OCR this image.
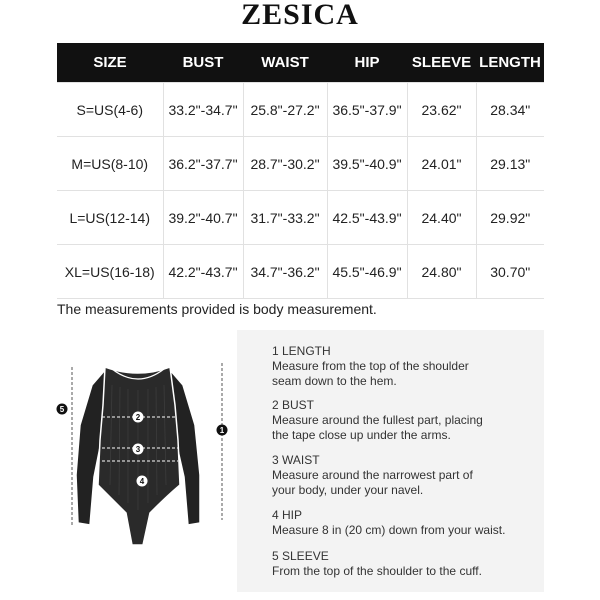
ZESICA
SIZE	BUST	WAIST	HIP	SLEEVE	LENGTH
S=US(4-6)	33.2"-34.7"	25.8"-27.2"	36.5"-37.9"	23.62"	28.34"
M=US(8-10)	36.2"-37.7"	28.7"-30.2"	39.5"-40.9"	24.01"	29.13"
L=US(12-14)	39.2"-40.7"	31.7"-33.2"	42.5"-43.9"	24.40"	29.92"
XL=US(16-18)	42.2"-43.7"	34.7"-36.2"	45.5"-46.9"	24.80"	30.70"
The measurements provided is body measurement.
1
5
2
3
4
1 LENGTH
Measure from the top of the shoulder
seam down to the hem.
2 BUST
Measure around the fullest part, placing
the tape close up under the arms.
3 WAIST
Measure around the narrowest part of
your body, under your navel.
4 HIP
Measure 8 in (20 cm) down from your waist.
5 SLEEVE
From the top of the shoulder to the cuff.
